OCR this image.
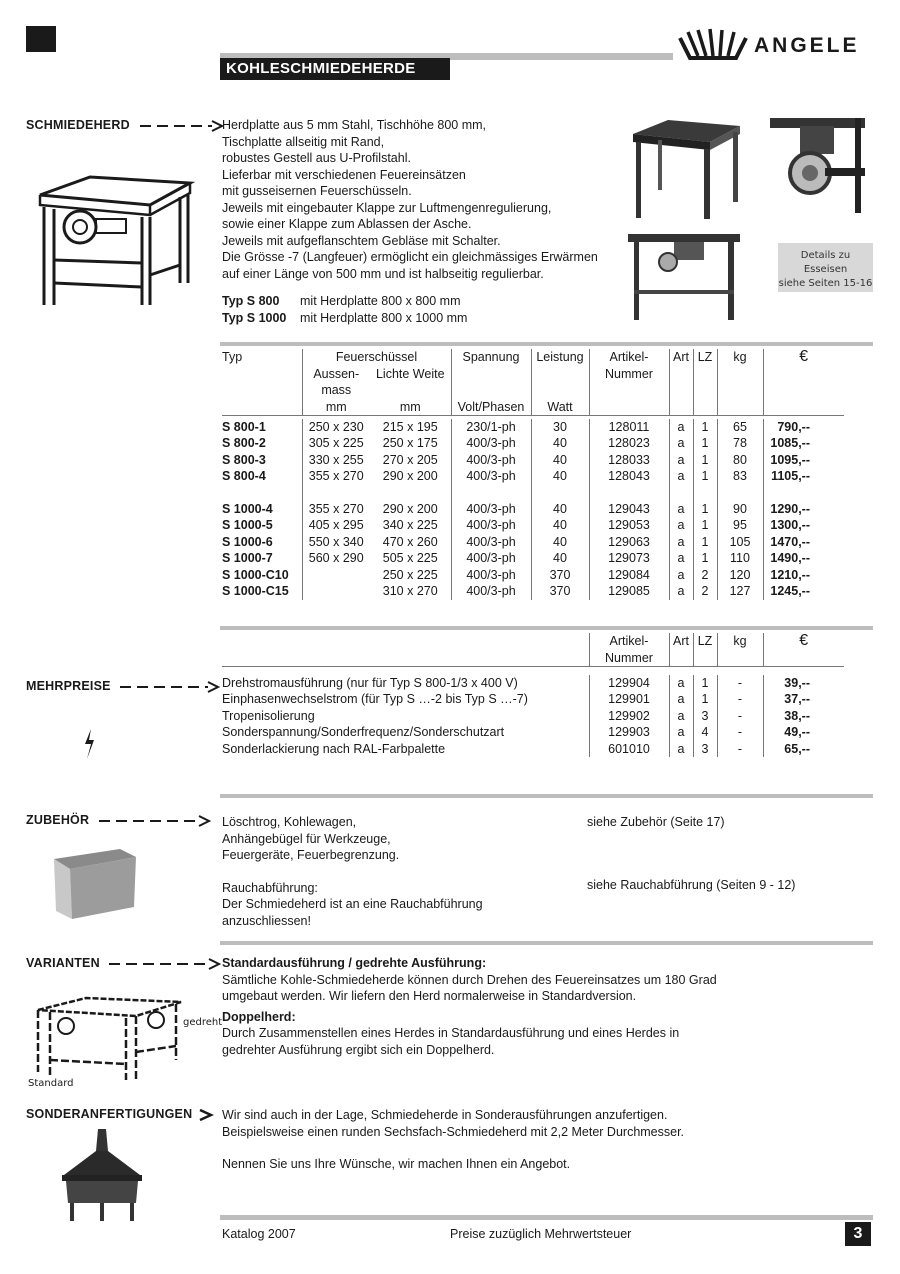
KOHLESCHMIEDEHERDE
ANGELE
SCHMIEDEHERD	Herdplatte aus 5 mm Stahl, Tischhöhe 800 mm,
Tischplatte allseitig mit Rand,
robustes Gestell aus U-Profilstahl.
Lieferbar mit verschiedenen Feuereinsätzen
mit gusseisernen Feuerschüsseln.
Jeweils mit eingebauter Klappe zur Luftmengenregulierung,
sowie einer Klappe zum Ablassen der Asche.
Jeweils mit aufgeflanschtem Gebläse mit Schalter.
Die Grösse -7 (Langfeuer) ermöglicht ein gleichmässiges Erwärmen
auf einer Länge von 500 mm und ist halbseitig regulierbar.
Typ S 800 mit Herdplatte 800 x 800 mm
Typ S 1000 mit Herdplatte 800 x 1000 mm
Details zu Esseisen
siehe Seiten 15-16
Typ	Feuerschüssel		Spannung	Leistung	Artikel-	Art	LZ	kg	€
	Aussen-	Lichte Weite			Nummer				
	mass								
	mm	mm	Volt/Phasen	Watt					

S 800-1	250 x 230	215 x 195	230/1-ph	30	128011	a	1	65	790,--
S 800-2	305 x 225	250 x 175	400/3-ph	40	128023	a	1	78	1085,--
S 800-3	330 x 255	270 x 205	400/3-ph	40	128033	a	1	80	1095,--
S 800-4	355 x 270	290 x 200	400/3-ph	40	128043	a	1	83	1105,--

S 1000-4	355 x 270	290 x 200	400/3-ph	40	129043	a	1	90	1290,--
S 1000-5	405 x 295	340 x 225	400/3-ph	40	129053	a	1	95	1300,--
S 1000-6	550 x 340	470 x 260	400/3-ph	40	129063	a	1	105	1470,--
S 1000-7	560 x 290	505 x 225	400/3-ph	40	129073	a	1	110	1490,--
S 1000-C10		250 x 225	400/3-ph	370	129084	a	2	120	1210,--
S 1000-C15		310 x 270	400/3-ph	370	129085	a	2	127	1245,--
	Artikel-	Art	LZ	kg	€
	Nummer				

Drehstromausführung (nur für Typ S 800-1/3 x 400 V)	129904	a	1	-	39,--
Einphasenwechselstrom (für Typ S …-2 bis Typ S …-7)	129901	a	1	-	37,--
Tropenisolierung	129902	a	3	-	38,--
Sonderspannung/Sonderfrequenz/Sonderschutzart	129903	a	4	-	49,--
Sonderlackierung nach RAL-Farbpalette	601010	a	3	-	65,--
MEHRPREISE
ZUBEHÖR	Löschtrog, Kohlewagen,
Anhängebügel für Werkzeuge,
Feuergeräte, Feuerbegrenzung.
Rauchabführung:
Der Schmiedeherd ist an eine Rauchabführung
anzuschliessen!
siehe Zubehör (Seite 17)
siehe Rauchabführung (Seiten 9 - 12)
VARIANTEN
gedreht
Standard
Standardausführung / gedrehte Ausführung:
Sämtliche Kohle-Schmiedeherde können durch Drehen des Feuereinsatzes um 180 Grad
umgebaut werden. Wir liefern den Herd normalerweise in Standardversion.
Doppelherd:
Durch Zusammenstellen eines Herdes in Standardausführung und eines Herdes in
gedrehter Ausführung ergibt sich ein Doppelherd.
SONDERANFERTIGUNGEN	Wir sind auch in der Lage, Schmiedeherde in Sonderausführungen anzufertigen.
Beispielsweise einen runden Sechsfach-Schmiedeherd mit 2,2 Meter Durchmesser.
Nennen Sie uns Ihre Wünsche, wir machen Ihnen ein Angebot.
Katalog 2007	Preise zuzüglich Mehrwertsteuer	3
